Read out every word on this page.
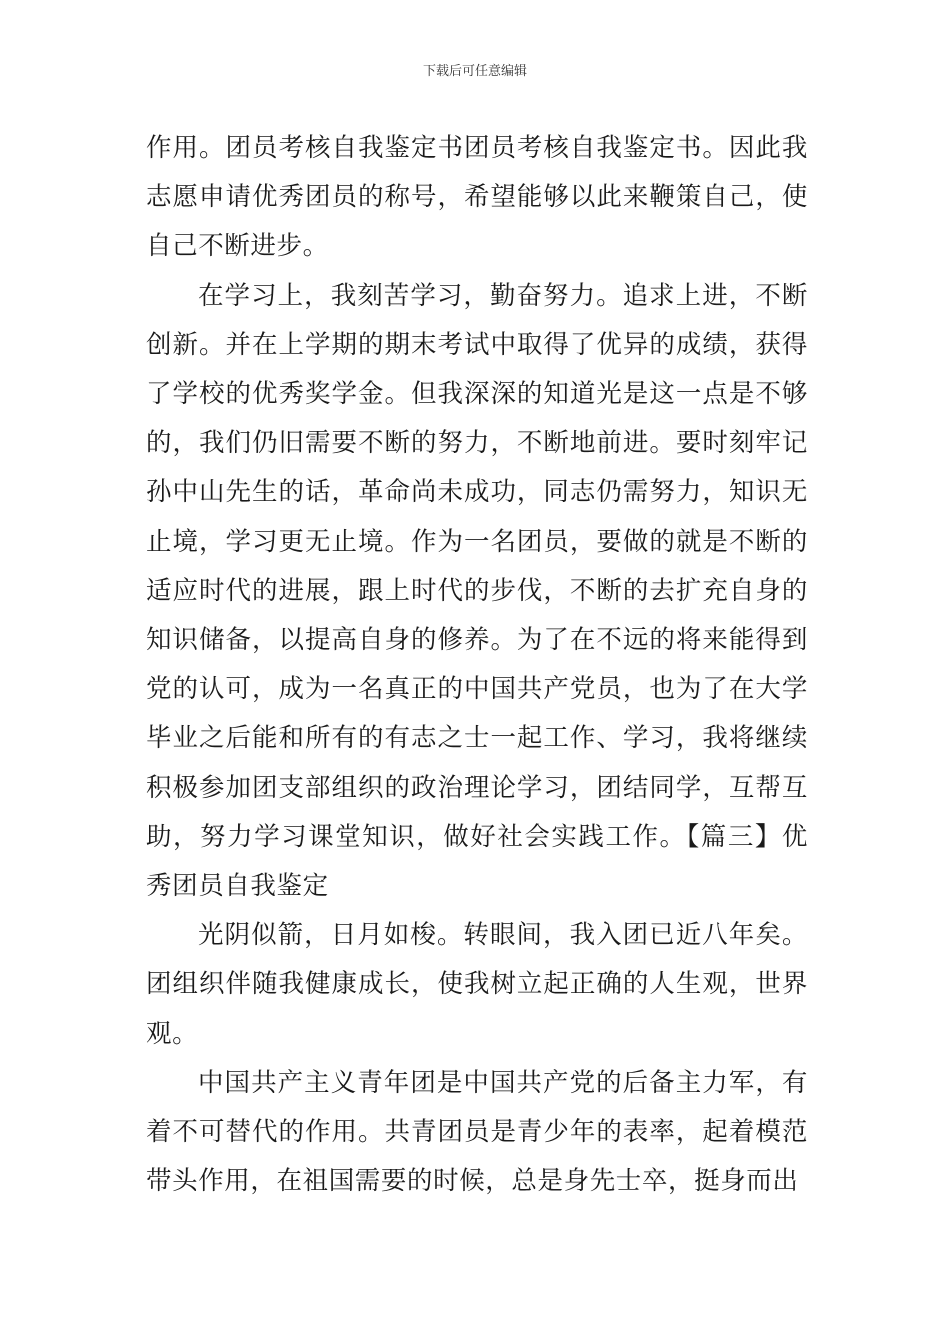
下载后可任意编辑

作用。团员考核自我鉴定书团员考核自我鉴定书。因此我志愿申请优秀团员的称号，希望能够以此来鞭策自己，使自己不断进步。

在学习上，我刻苦学习，勤奋努力。追求上进，不断创新。并在上学期的期末考试中取得了优异的成绩，获得了学校的优秀奖学金。但我深深的知道光是这一点是不够的，我们仍旧需要不断的努力，不断地前进。要时刻牢记孙中山先生的话，革命尚未成功，同志仍需努力，知识无止境，学习更无止境。作为一名团员，要做的就是不断的适应时代的进展，跟上时代的步伐，不断的去扩充自身的知识储备，以提高自身的修养。为了在不远的将来能得到党的认可，成为一名真正的中国共产党员，也为了在大学毕业之后能和所有的有志之士一起工作、学习，我将继续积极参加团支部组织的政治理论学习，团结同学，互帮互助，努力学习课堂知识，做好社会实践工作。【篇三】优秀团员自我鉴定

光阴似箭，日月如梭。转眼间，我入团已近八年矣。团组织伴随我健康成长，使我树立起正确的人生观，世界观。

中国共产主义青年团是中国共产党的后备主力军，有着不可替代的作用。共青团员是青少年的表率，起着模范带头作用，在祖国需要的时候，总是身先士卒，挺身而出
